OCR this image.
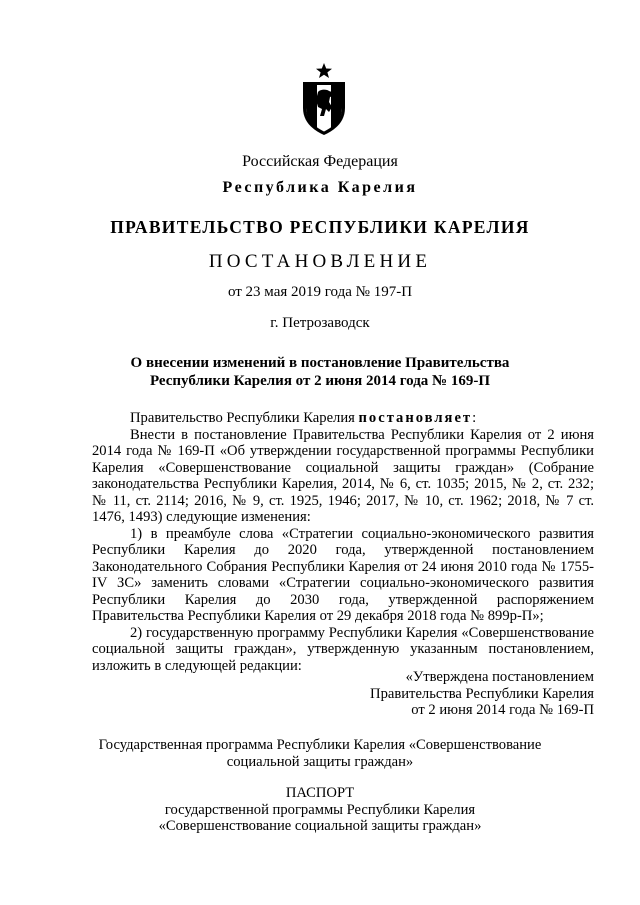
Российская Федерация
Республика Карелия
ПРАВИТЕЛЬСТВО РЕСПУБЛИКИ КАРЕЛИЯ
ПОСТАНОВЛЕНИЕ
от 23 мая 2019 года № 197-П
г. Петрозаводск
О внесении изменений в постановление Правительства
Республики Карелия от 2 июня 2014 года № 169-П

Правительство Республики Карелия постановляет:

Внести в постановление Правительства Республики Карелия от 2 июня 2014 года № 169-П «Об утверждении государственной программы Республики Карелия «Совершенствование социальной защиты граждан» (Собрание законодательства Республики Карелия, 2014, № 6, ст. 1035; 2015, № 2, ст. 232; № 11, ст. 2114; 2016, № 9, ст. 1925, 1946; 2017, № 10, ст. 1962; 2018, № 7 ст. 1476, 1493) следующие изменения:

1) в преамбуле слова «Стратегии социально-экономического развития Республики Карелия до 2020 года, утвержденной постановлением Законодательного Собрания Республики Карелия от 24 июня 2010 года № 1755-IV ЗС» заменить словами «Стратегии социально-экономического развития Республики Карелия до 2030 года, утвержденной распоряжением Правительства Республики Карелия от 29 декабря 2018 года № 899р-П»;

2) государственную программу Республики Карелия «Совершенствование социальной защиты граждан», утвержденную указанным постановлением, изложить в следующей редакции:

«Утверждена постановлением
Правительства Республики Карелия
от 2 июня 2014 года № 169-П
Государственная программа Республики Карелия «Совершенствование
социальной защиты граждан»
ПАСПОРТ
государственной программы Республики Карелия
«Совершенствование социальной защиты граждан»
